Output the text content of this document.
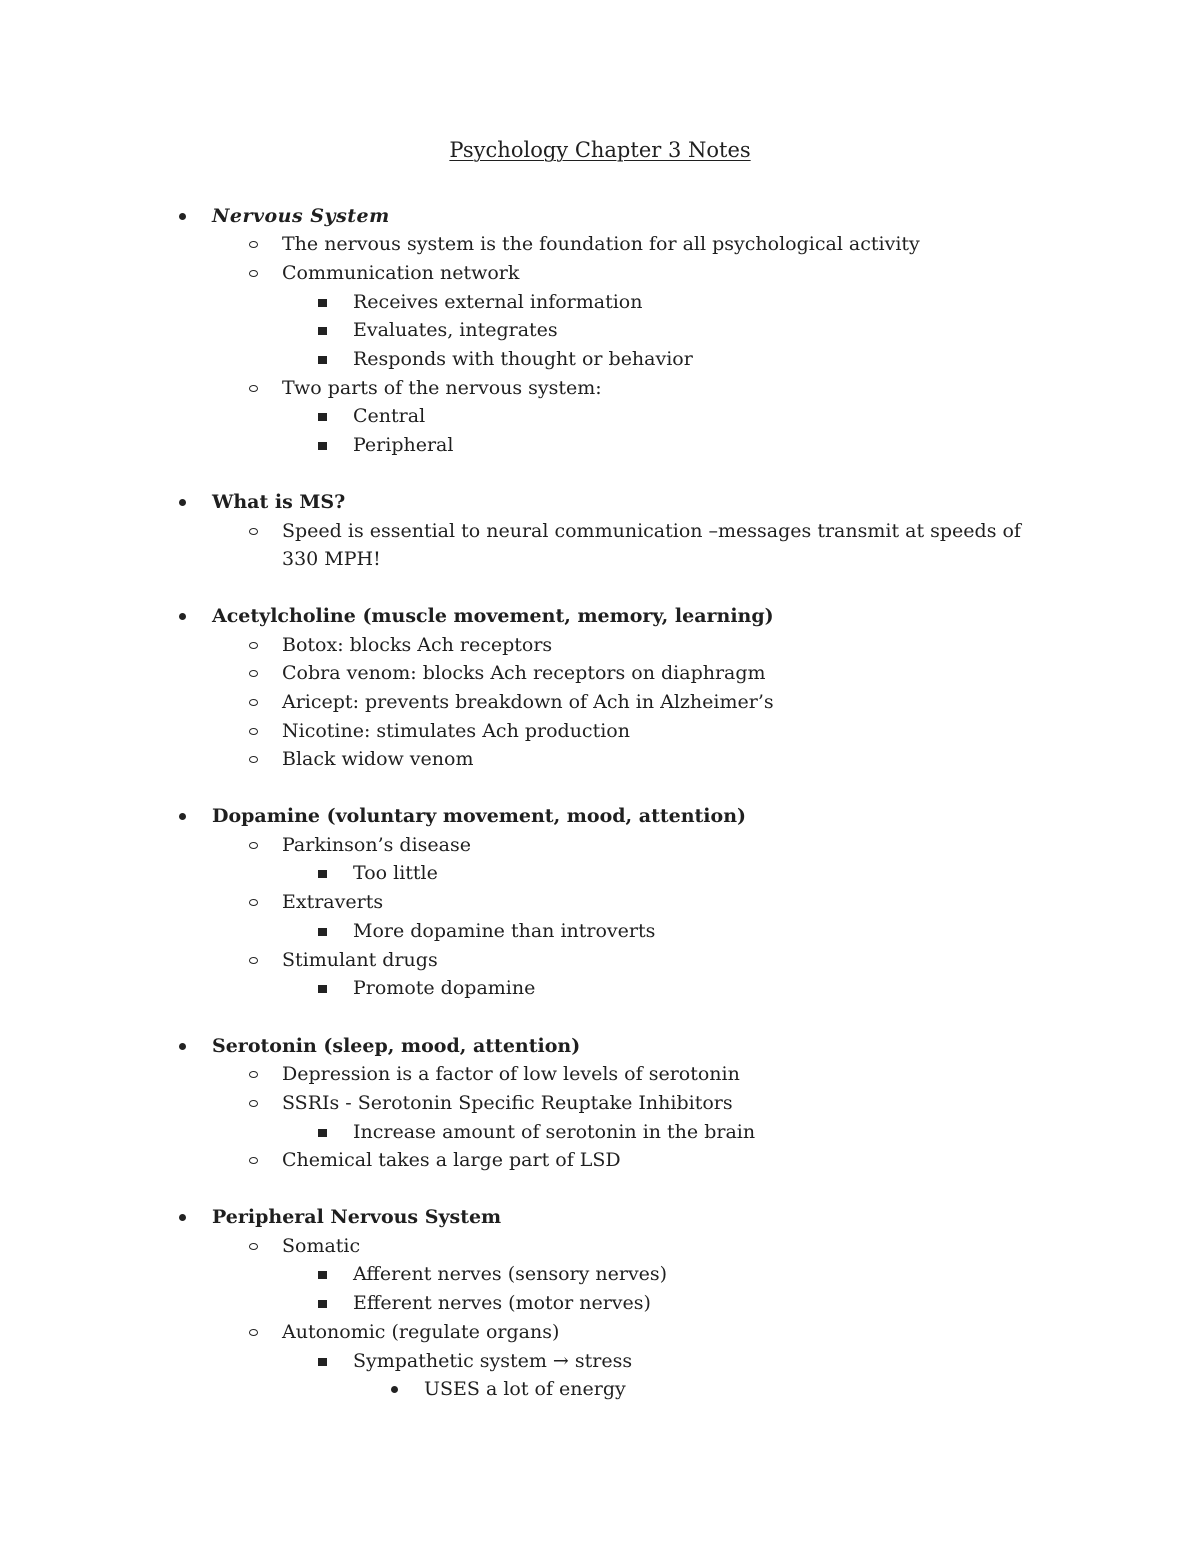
Psychology Chapter 3 Notes
Nervous System
The nervous system is the foundation for all psychological activity
Communication network
Receives external information
Evaluates, integrates
Responds with thought or behavior
Two parts of the nervous system:
Central
Peripheral
What is MS?
Speed is essential to neural communication –messages transmit at speeds of
330 MPH!
Acetylcholine (muscle movement, memory, learning)
Botox: blocks Ach receptors
Cobra venom: blocks Ach receptors on diaphragm
Aricept: prevents breakdown of Ach in Alzheimer’s
Nicotine: stimulates Ach production
Black widow venom
Dopamine (voluntary movement, mood, attention)
Parkinson’s disease
Too little
Extraverts
More dopamine than introverts
Stimulant drugs
Promote dopamine
Serotonin (sleep, mood, attention)
Depression is a factor of low levels of serotonin
SSRIs - Serotonin Specific Reuptake Inhibitors
Increase amount of serotonin in the brain
Chemical takes a large part of LSD
Peripheral Nervous System
Somatic
Afferent nerves (sensory nerves)
Efferent nerves (motor nerves)
Autonomic (regulate organs)
Sympathetic system → stress
USES a lot of energy
